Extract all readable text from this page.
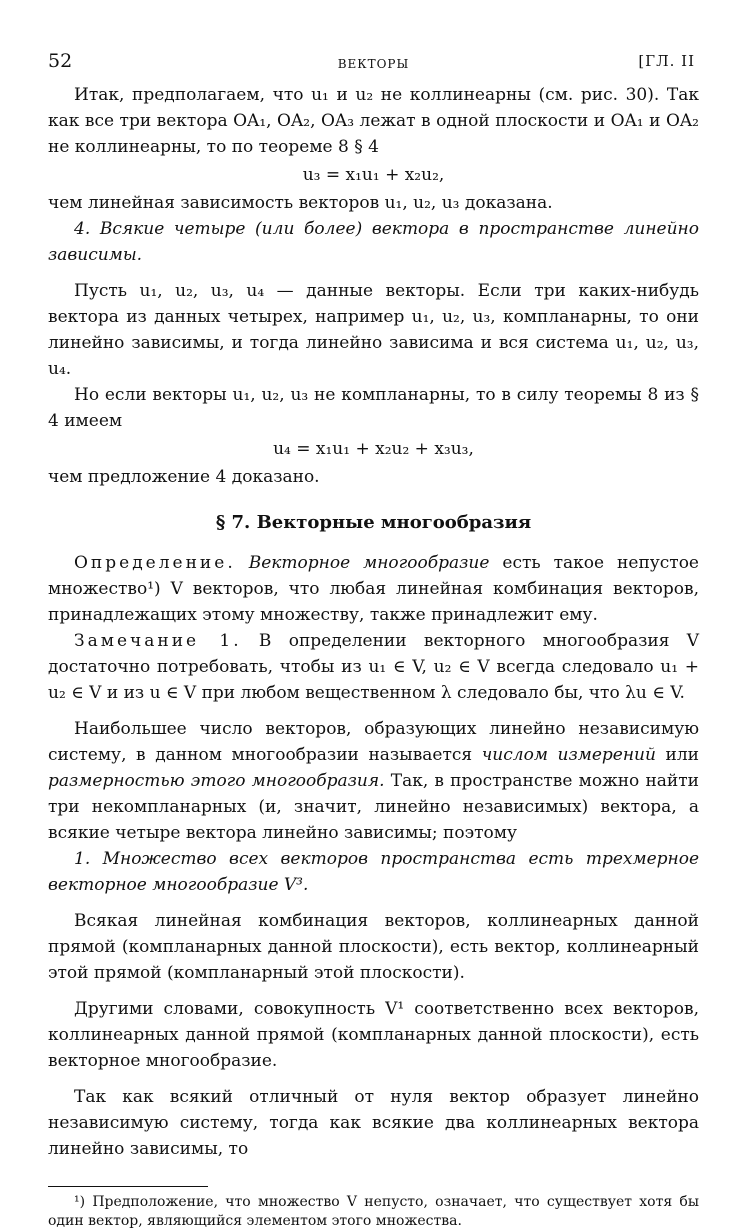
52	ВЕКТОРЫ	[ГЛ. II

Итак, предполагаем, что u₁ и u₂ не коллинеарны (см. рис. 30). Так как все три вектора OA₁, OA₂, OA₃ лежат в одной плоскости и OA₁ и OA₂ не коллинеарны, то по теореме 8 § 4

u₃ = x₁u₁ + x₂u₂,

чем линейная зависимость векторов u₁, u₂, u₃ доказана.

4. Всякие четыре (или более) вектора в пространстве линейно зависимы.

Пусть u₁, u₂, u₃, u₄ — данные векторы. Если три каких-нибудь вектора из данных четырех, например u₁, u₂, u₃, компланарны, то они линейно зависимы, и тогда линейно зависима и вся система u₁, u₂, u₃, u₄.

Но если векторы u₁, u₂, u₃ не компланарны, то в силу теоремы 8 из § 4 имеем

u₄ = x₁u₁ + x₂u₂ + x₃u₃,

чем предложение 4 доказано.

§ 7. Векторные многообразия

Определение. Векторное многообразие есть такое непустое множество¹) V векторов, что любая линейная комбинация векторов, принадлежащих этому множеству, также принадлежит ему.

Замечание 1. В определении векторного многообразия V достаточно потребовать, чтобы из u₁ ∈ V, u₂ ∈ V всегда следовало u₁ + u₂ ∈ V и из u ∈ V при любом вещественном λ следовало бы, что λu ∈ V.

Наибольшее число векторов, образующих линейно независимую систему, в данном многообразии называется числом измерений или размерностью этого многообразия. Так, в пространстве можно найти три некомпланарных (и, значит, линейно независимых) вектора, а всякие четыре вектора линейно зависимы; поэтому

1. Множество всех векторов пространства есть трехмерное векторное многообразие V³.

Всякая линейная комбинация векторов, коллинеарных данной прямой (компланарных данной плоскости), есть вектор, коллинеарный этой прямой (компланарный этой плоскости).

Другими словами, совокупность V¹ соответственно всех векторов, коллинеарных данной прямой (компланарных данной плоскости), есть векторное многообразие.

Так как всякий отличный от нуля вектор образует линейно независимую систему, тогда как всякие два коллинеарных вектора линейно зависимы, то

¹) Предположение, что множество V непусто, означает, что существует хотя бы один вектор, являющийся элементом этого множества.
